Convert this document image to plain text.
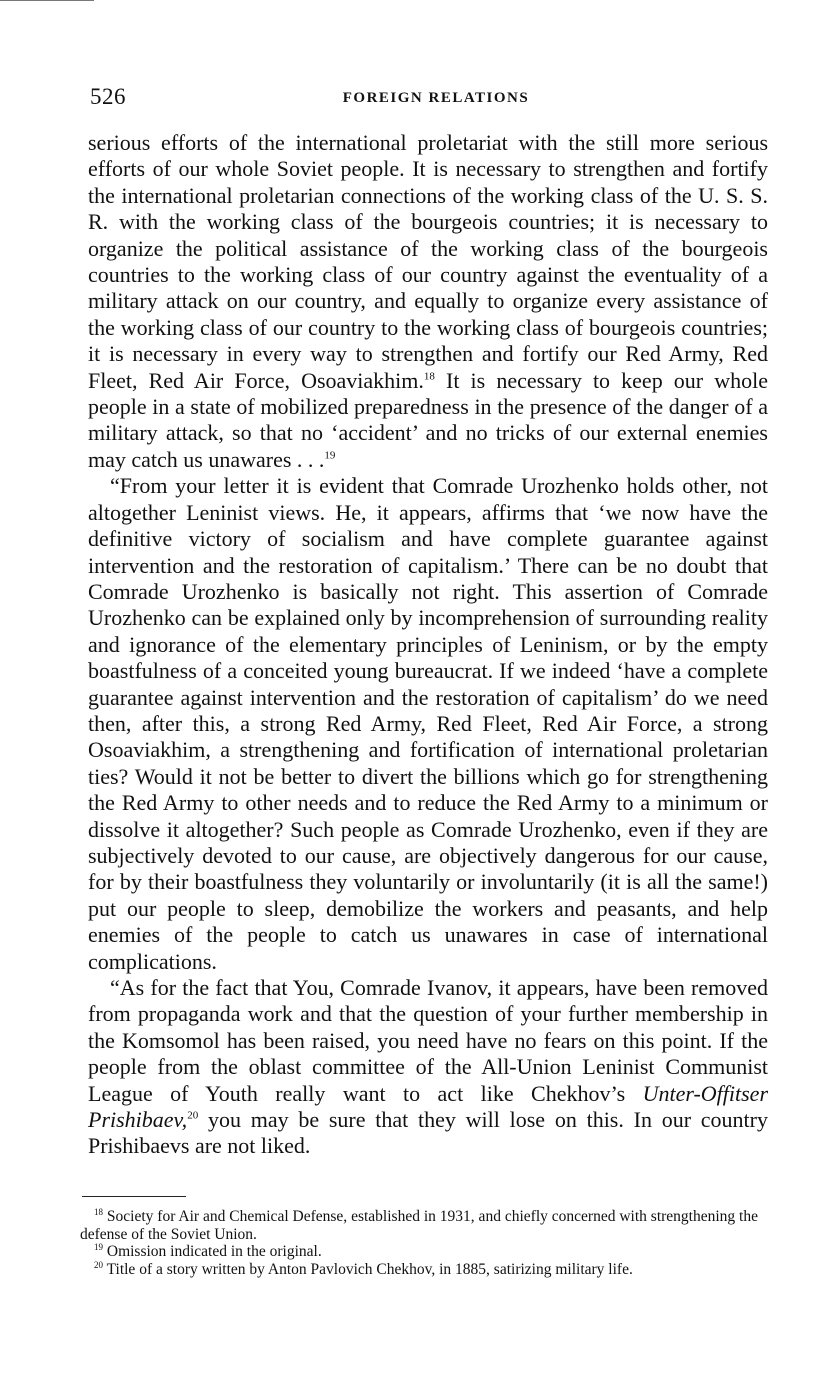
526	FOREIGN RELATIONS

serious efforts of the international proletariat with the still more serious efforts of our whole Soviet people. It is necessary to strengthen and fortify the international proletarian connections of the working class of the U. S. S. R. with the working class of the bourgeois countries; it is necessary to organize the political assistance of the working class of the bourgeois countries to the working class of our country against the eventuality of a military attack on our country, and equally to organize every assistance of the working class of our country to the working class of bourgeois countries; it is necessary in every way to strengthen and fortify our Red Army, Red Fleet, Red Air Force, Osoaviakhim.$^{18}$ It is necessary to keep our whole people in a state of mobilized preparedness in the presence of the danger of a military attack, so that no ‘accident’ and no tricks of our external enemies may catch us unawares . . .$^{19}$

“From your letter it is evident that Comrade Urozhenko holds other, not altogether Leninist views. He, it appears, affirms that ‘we now have the definitive victory of socialism and have complete guarantee against intervention and the restoration of capitalism.’ There can be no doubt that Comrade Urozhenko is basically not right. This assertion of Comrade Urozhenko can be explained only by incomprehension of surrounding reality and ignorance of the elementary principles of Leninism, or by the empty boastfulness of a conceited young bureaucrat. If we indeed ‘have a complete guarantee against intervention and the restoration of capitalism’ do we need then, after this, a strong Red Army, Red Fleet, Red Air Force, a strong Osoaviakhim, a strengthening and fortification of international proletarian ties? Would it not be better to divert the billions which go for strengthening the Red Army to other needs and to reduce the Red Army to a minimum or dissolve it altogether? Such people as Comrade Urozhenko, even if they are subjectively devoted to our cause, are objectively dangerous for our cause, for by their boastfulness they voluntarily or involuntarily (it is all the same!) put our people to sleep, demobilize the workers and peasants, and help enemies of the people to catch us unawares in case of international complications.

“As for the fact that You, Comrade Ivanov, it appears, have been removed from propaganda work and that the question of your further membership in the Komsomol has been raised, you need have no fears on this point. If the people from the oblast committee of the All-Union Leninist Communist League of Youth really want to act like Chekhov’s Unter-Offitser Prishibaev,$^{20}$ you may be sure that they will lose on this. In our country Prishibaevs are not liked.

$^{18}$ Society for Air and Chemical Defense, established in 1931, and chiefly concerned with strengthening the defense of the Soviet Union.

$^{19}$ Omission indicated in the original.

$^{20}$ Title of a story written by Anton Pavlovich Chekhov, in 1885, satirizing military life.
